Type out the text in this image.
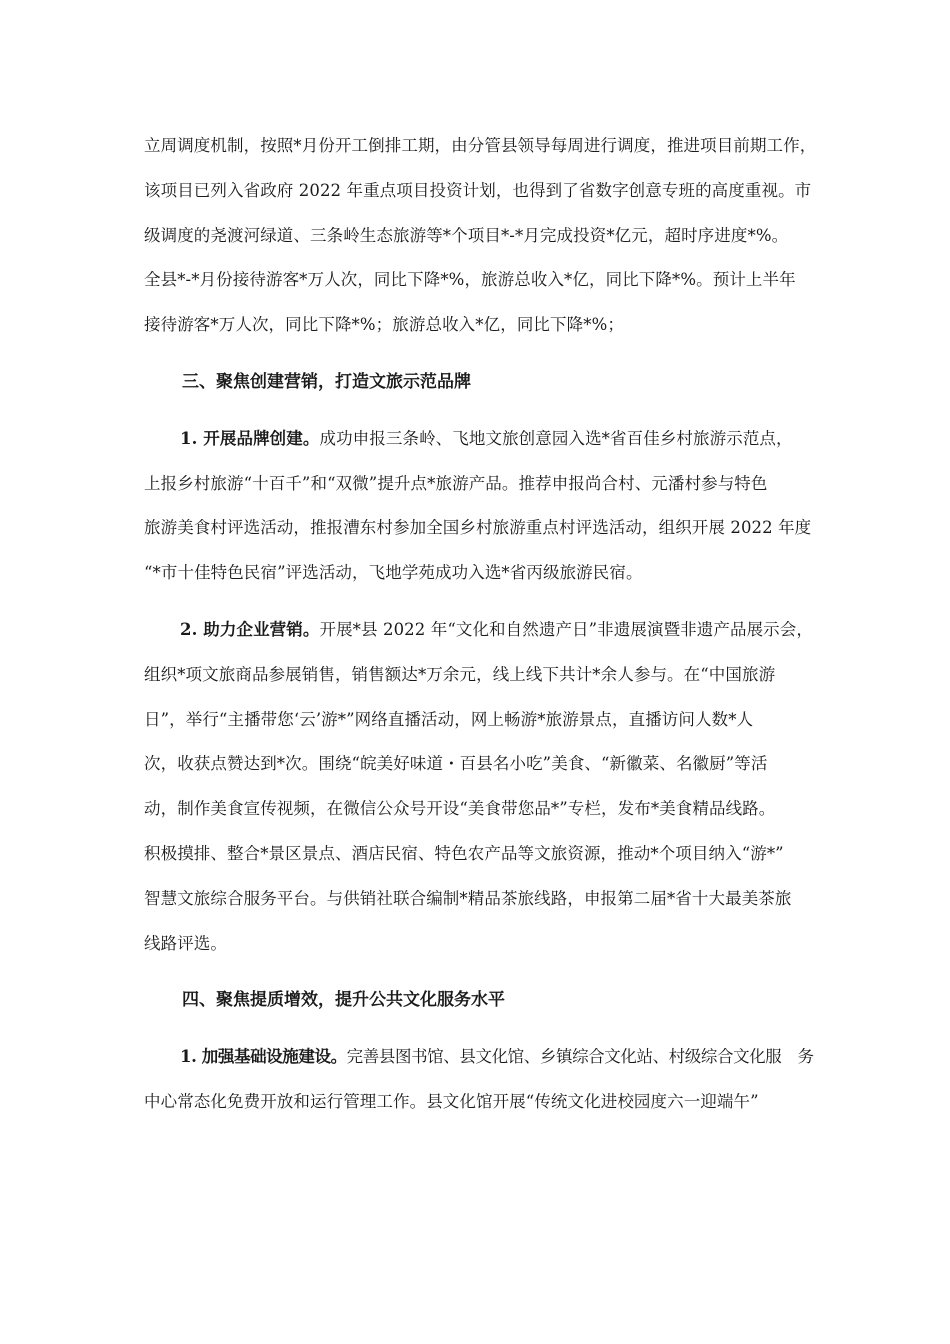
立周调度机制，按照*月份开工倒排工期，由分管县领导每周进行调度，推进项目前期工作，
该项目已列入省政府 2022 年重点项目投资计划，也得到了省数字创意专班的高度重视。市
级调度的尧渡河绿道、三条岭生态旅游等*个项目*-*月完成投资*亿元，超时序进度*%。
全县*-*月份接待游客*万人次，同比下降*%，旅游总收入*亿，同比下降*%。预计上半年
接待游客*万人次，同比下降*%；旅游总收入*亿，同比下降*%；

三、聚焦创建营销，打造文旅示范品牌

1. 开展品牌创建。成功申报三条岭、飞地文旅创意园入选*省百佳乡村旅游示范点，
上报乡村旅游“十百千”和“双微”提升点*旅游产品。推荐申报尚合村、元潘村参与特色
旅游美食村评选活动，推报漕东村参加全国乡村旅游重点村评选活动，组织开展 2022 年度
“*市十佳特色民宿”评选活动，飞地学苑成功入选*省丙级旅游民宿。

2. 助力企业营销。开展*县 2022 年“文化和自然遗产日”非遗展演暨非遗产品展示会，
组织*项文旅商品参展销售，销售额达*万余元，线上线下共计*余人参与。在“中国旅游
日”，举行“主播带您‘云’游*”网络直播活动，网上畅游*旅游景点，直播访问人数*人
次，收获点赞达到*次。围绕“皖美好味道・百县名小吃”美食、“新徽菜、名徽厨”等活
动，制作美食宣传视频，在微信公众号开设“美食带您品*”专栏，发布*美食精品线路。
积极摸排、整合*景区景点、酒店民宿、特色农产品等文旅资源，推动*个项目纳入“游*”
智慧文旅综合服务平台。与供销社联合编制*精品茶旅线路，申报第二届*省十大最美茶旅
线路评选。

四、聚焦提质增效，提升公共文化服务水平

1. 加强基础设施建设。完善县图书馆、县文化馆、乡镇综合文化站、村级综合文化服　务
中心常态化免费开放和运行管理工作。县文化馆开展“传统文化进校园度六一迎端午”
